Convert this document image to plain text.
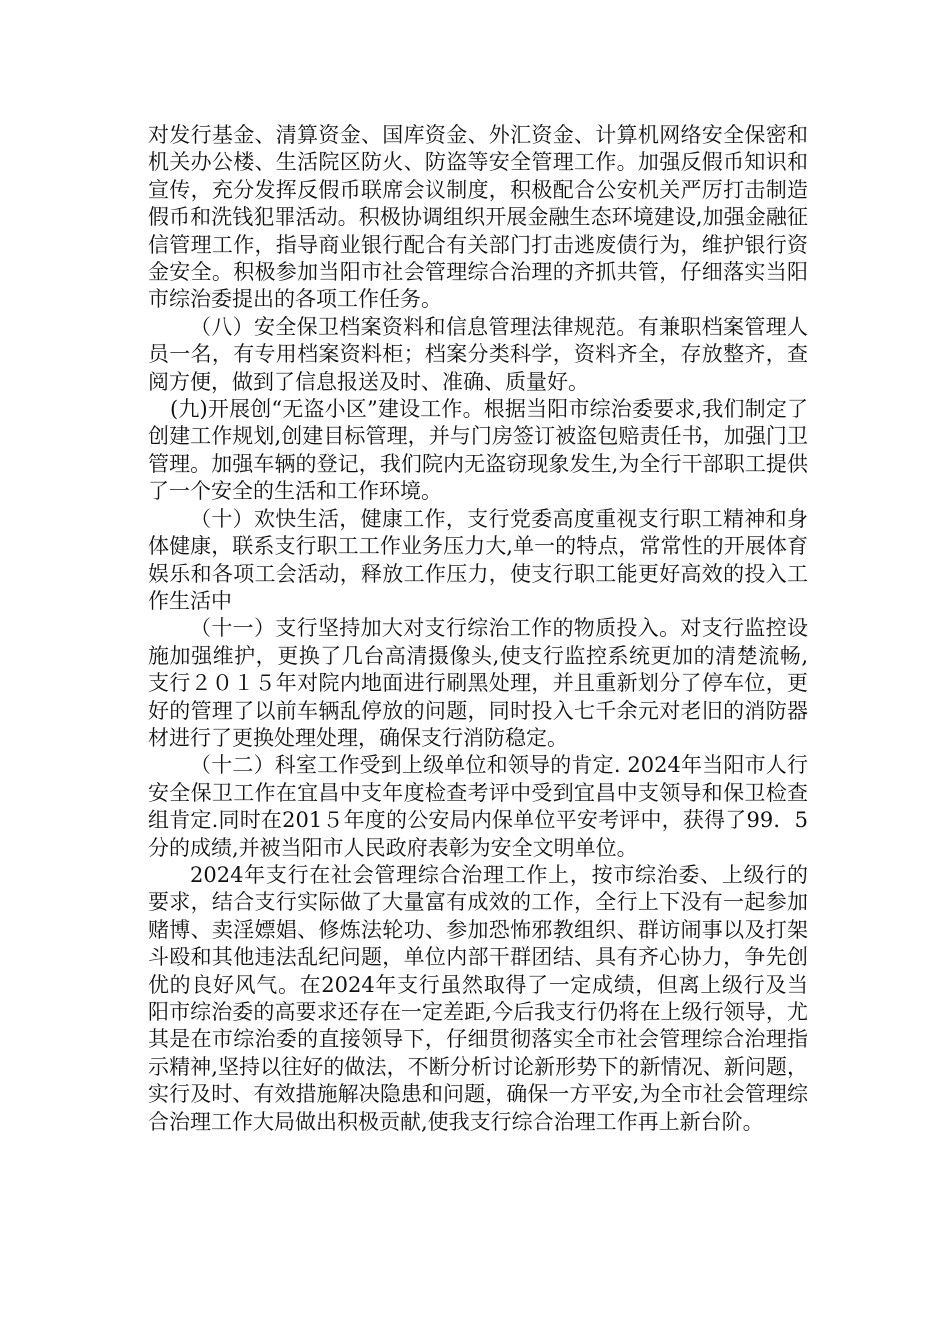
对发行基金、清算资金、国库资金、外汇资金、计算机网络安全保密和机关办公楼、生活院区防火、防盗等安全管理工作。加强反假币知识和宣传，充分发挥反假币联席会议制度，积极配合公安机关严厉打击制造假币和洗钱犯罪活动。积极协调组织开展金融生态环境建设,加强金融征信管理工作，指导商业银行配合有关部门打击逃废债行为，维护银行资金安全。积极参加当阳市社会管理综合治理的齐抓共管，仔细落实当阳市综治委提出的各项工作任务。

（八）安全保卫档案资料和信息管理法律规范。有兼职档案管理人员一名，有专用档案资料柜；档案分类科学，资料齐全，存放整齐，查阅方便，做到了信息报送及时、准确、质量好。

(九)开展创“无盗小区”建设工作。根据当阳市综治委要求,我们制定了创建工作规划,创建目标管理，并与门房签订被盗包赔责任书，加强门卫管理。加强车辆的登记，我们院内无盗窃现象发生,为全行干部职工提供了一个安全的生活和工作环境。

（十）欢快生活，健康工作，支行党委高度重视支行职工精神和身体健康，联系支行职工工作业务压力大,单一的特点，常常性的开展体育娱乐和各项工会活动，释放工作压力，使支行职工能更好高效的投入工作生活中

（十一）支行坚持加大对支行综治工作的物质投入。对支行监控设施加强维护，更换了几台高清摄像头,使支行监控系统更加的清楚流畅,支行２０１５年对院内地面进行刷黑处理，并且重新划分了停车位，更好的管理了以前车辆乱停放的问题，同时投入七千余元对老旧的消防器材进行了更换处理处理，确保支行消防稳定。

（十二）科室工作受到上级单位和领导的肯定. 2024年当阳市人行安全保卫工作在宜昌中支年度检查考评中受到宜昌中支领导和保卫检查组肯定.同时在201５年度的公安局内保单位平安考评中，获得了99．5分的成绩,并被当阳市人民政府表彰为安全文明单位。

2024年支行在社会管理综合治理工作上，按市综治委、上级行的要求，结合支行实际做了大量富有成效的工作，全行上下没有一起参加赌博、卖淫嫖娼、修炼法轮功、参加恐怖邪教组织、群访闹事以及打架斗殴和其他违法乱纪问题，单位内部干群团结、具有齐心协力，争先创优的良好风气。在2024年支行虽然取得了一定成绩，但离上级行及当阳市综治委的高要求还存在一定差距,今后我支行仍将在上级行领导，尤其是在市综治委的直接领导下，仔细贯彻落实全市社会管理综合治理指示精神,坚持以往好的做法，不断分析讨论新形势下的新情况、新问题，实行及时、有效措施解决隐患和问题，确保一方平安,为全市社会管理综合治理工作大局做出积极贡献,使我支行综合治理工作再上新台阶。
